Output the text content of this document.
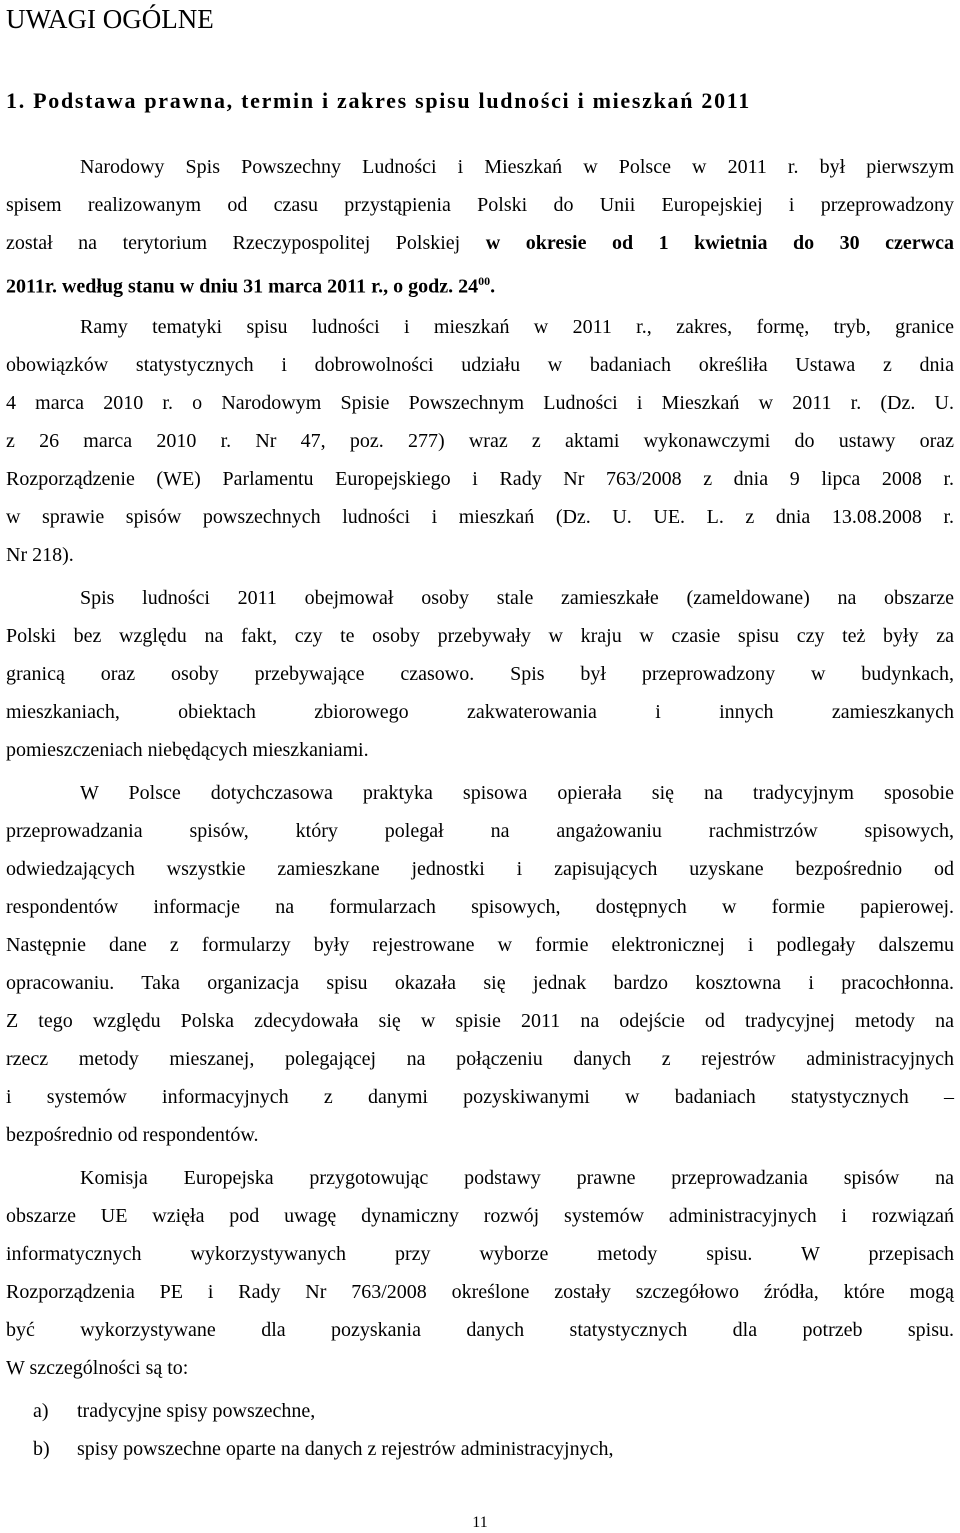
UWAGI OGÓLNE
1. Podstawa prawna, termin i zakres spisu ludności i mieszkań 2011
Narodowy Spis Powszechny Ludności i Mieszkań w Polsce w 2011 r. był pierwszym
spisem realizowanym od czasu przystąpienia Polski do Unii Europejskiej i przeprowadzony
został na terytorium Rzeczypospolitej Polskiej w okresie od 1 kwietnia do 30 czerwca
2011r. według stanu w dniu 31 marca 2011 r., o godz. $24^{00}$.
Ramy tematyki spisu ludności i mieszkań w 2011 r., zakres, formę, tryb, granice
obowiązków statystycznych i dobrowolności udziału w badaniach określiła Ustawa z dnia
4 marca 2010 r. o Narodowym Spisie Powszechnym Ludności i Mieszkań w 2011 r. (Dz. U.
z 26 marca 2010 r. Nr 47, poz. 277) wraz z aktami wykonawczymi do ustawy oraz
Rozporządzenie (WE) Parlamentu Europejskiego i Rady Nr 763/2008 z dnia 9 lipca 2008 r.
w sprawie spisów powszechnych ludności i mieszkań (Dz. U. UE. L. z dnia 13.08.2008 r.
Nr 218).
Spis ludności 2011 obejmował osoby stale zamieszkałe (zameldowane) na obszarze
Polski bez względu na fakt, czy te osoby przebywały w kraju w czasie spisu czy też były za
granicą oraz osoby przebywające czasowo. Spis był przeprowadzony w budynkach,
mieszkaniach, obiektach zbiorowego zakwaterowania i innych zamieszkanych
pomieszczeniach niebędących mieszkaniami.
W Polsce dotychczasowa praktyka spisowa opierała się na tradycyjnym sposobie
przeprowadzania spisów, który polegał na angażowaniu rachmistrzów spisowych,
odwiedzających wszystkie zamieszkane jednostki i zapisujących uzyskane bezpośrednio od
respondentów informacje na formularzach spisowych, dostępnych w formie papierowej.
Następnie dane z formularzy były rejestrowane w formie elektronicznej i podlegały dalszemu
opracowaniu. Taka organizacja spisu okazała się jednak bardzo kosztowna i pracochłonna.
Z tego względu Polska zdecydowała się w spisie 2011 na odejście od tradycyjnej metody na
rzecz metody mieszanej, polegającej na połączeniu danych z rejestrów administracyjnych
i systemów informacyjnych z danymi pozyskiwanymi w badaniach statystycznych –
bezpośrednio od respondentów.
Komisja Europejska przygotowując podstawy prawne przeprowadzania spisów na
obszarze UE wzięła pod uwagę dynamiczny rozwój systemów administracyjnych i rozwiązań
informatycznych wykorzystywanych przy wyborze metody spisu. W przepisach
Rozporządzenia PE i Rady Nr 763/2008 określone zostały szczegółowo źródła, które mogą
być wykorzystywane dla pozyskania danych statystycznych dla potrzeb spisu.
W szczególności są to:
a) tradycyjne spisy powszechne,
b) spisy powszechne oparte na danych z rejestrów administracyjnych,
11
